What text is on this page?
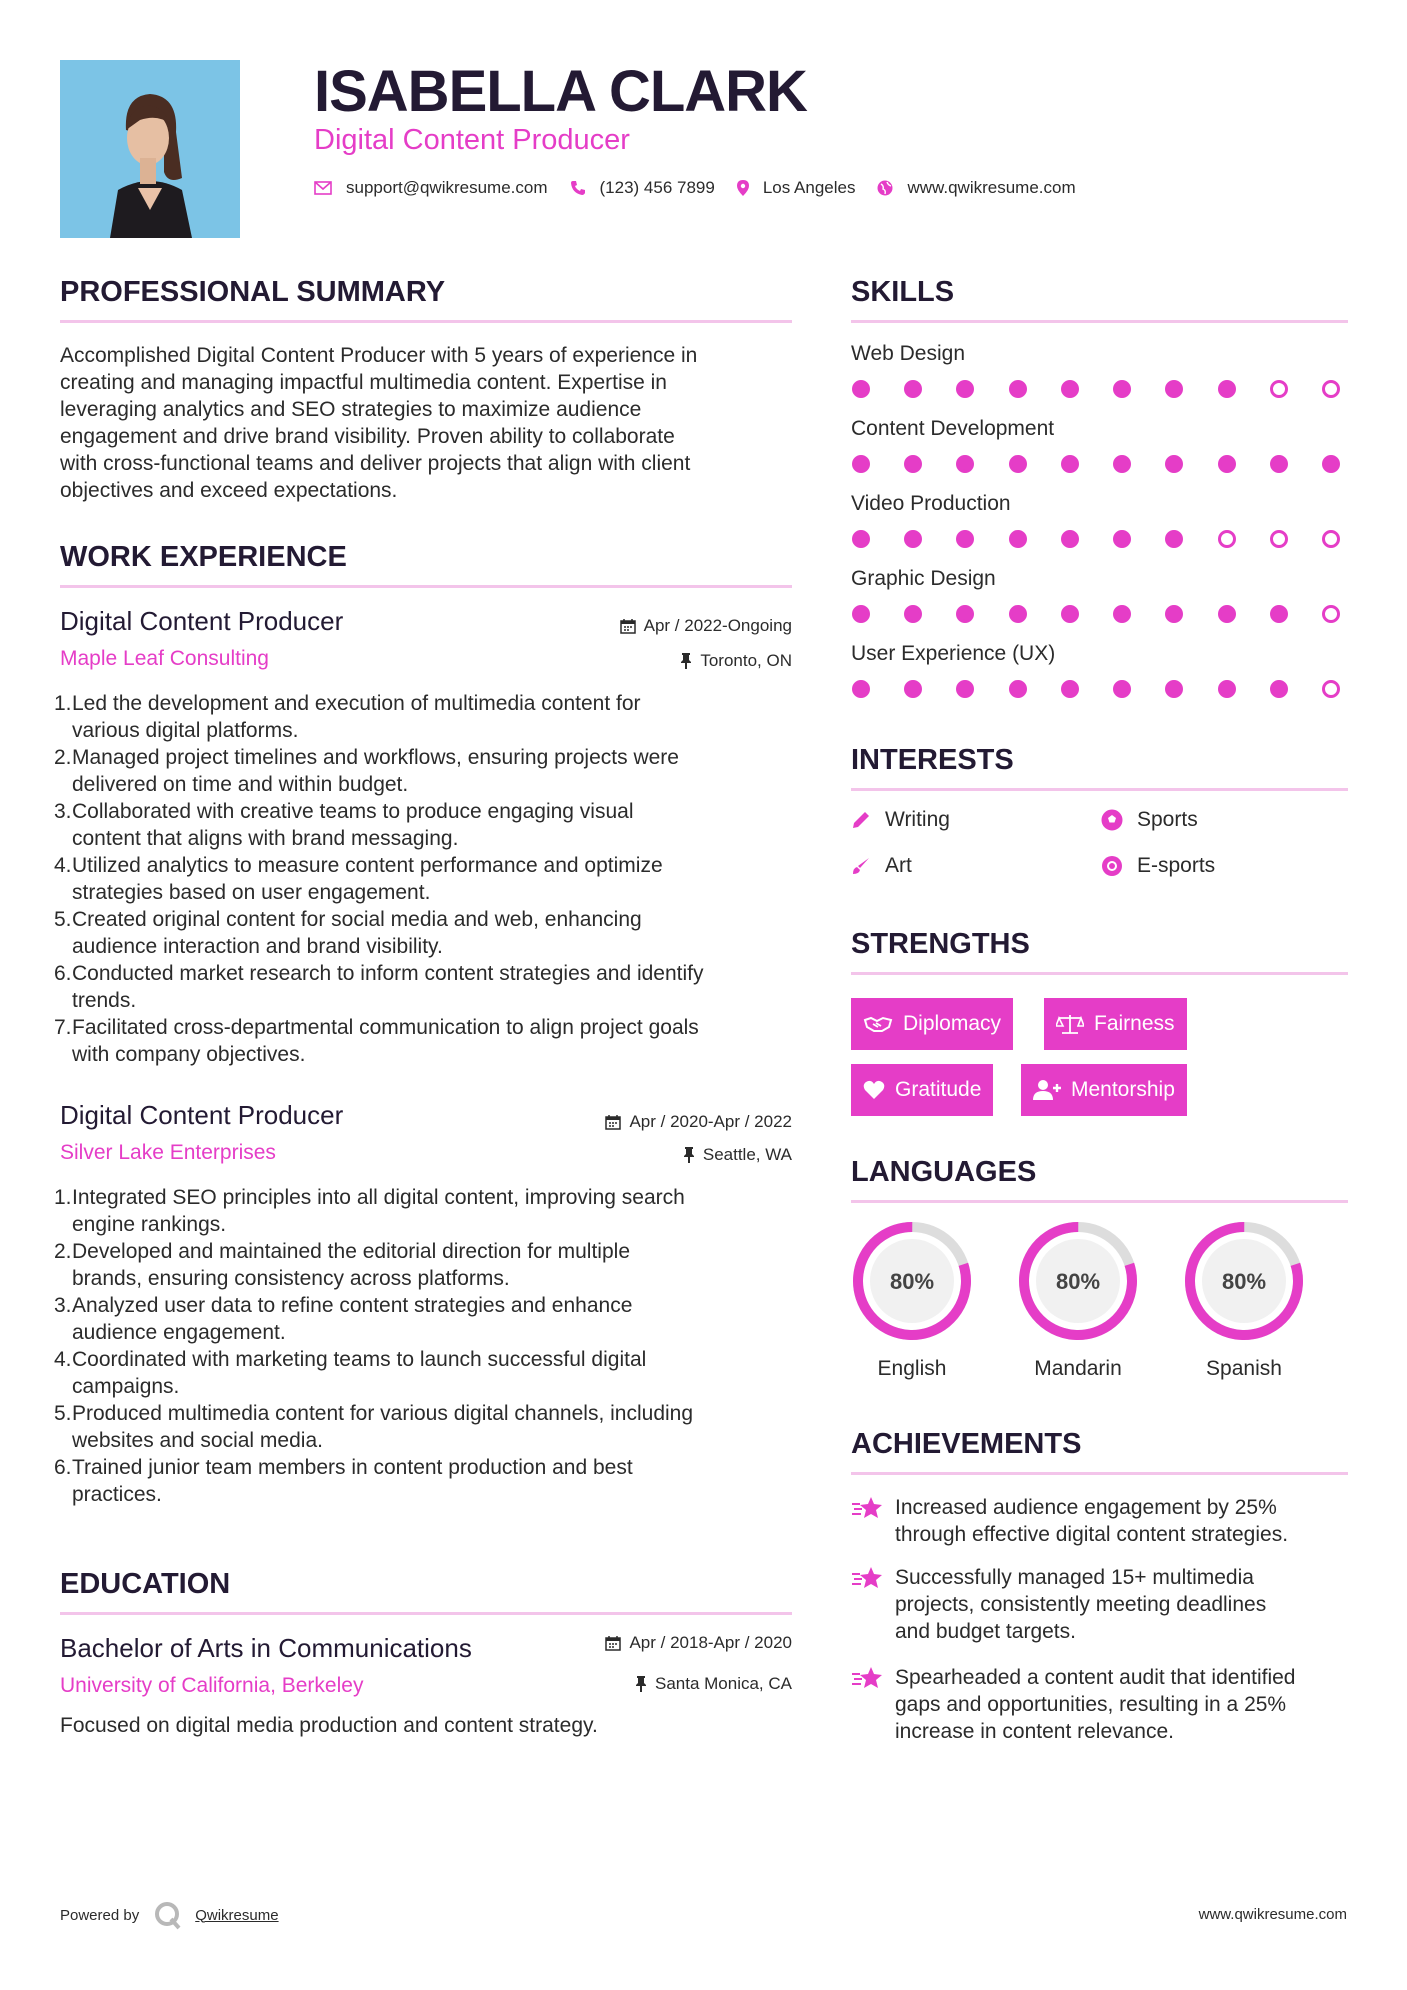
ISABELLA CLARK
Digital Content Producer
support@qwikresume.com	(123) 456 7899	Los Angeles	www.qwikresume.com
PROFESSIONAL SUMMARY
Accomplished Digital Content Producer with 5 years of experience in
creating and managing impactful multimedia content. Expertise in
leveraging analytics and SEO strategies to maximize audience
engagement and drive brand visibility. Proven ability to collaborate
with cross-functional teams and deliver projects that align with client
objectives and exceed expectations.
WORK EXPERIENCE
Digital Content Producer	Apr / 2022-Ongoing
Maple Leaf Consulting	Toronto, ON
1. Led the development and execution of multimedia content for
various digital platforms.
2. Managed project timelines and workflows, ensuring projects were
delivered on time and within budget.
3. Collaborated with creative teams to produce engaging visual
content that aligns with brand messaging.
4. Utilized analytics to measure content performance and optimize
strategies based on user engagement.
5. Created original content for social media and web, enhancing
audience interaction and brand visibility.
6. Conducted market research to inform content strategies and identify
trends.
7. Facilitated cross-departmental communication to align project goals
with company objectives.
Digital Content Producer	Apr / 2020-Apr / 2022
Silver Lake Enterprises	Seattle, WA
1. Integrated SEO principles into all digital content, improving search
engine rankings.
2. Developed and maintained the editorial direction for multiple
brands, ensuring consistency across platforms.
3. Analyzed user data to refine content strategies and enhance
audience engagement.
4. Coordinated with marketing teams to launch successful digital
campaigns.
5. Produced multimedia content for various digital channels, including
websites and social media.
6. Trained junior team members in content production and best
practices.
EDUCATION
Bachelor of Arts in Communications	Apr / 2018-Apr / 2020
University of California, Berkeley	Santa Monica, CA
Focused on digital media production and content strategy.
SKILLS
Web Design
Content Development
Video Production
Graphic Design
User Experience (UX)
INTERESTS
Writing	Sports
Art	E-sports
STRENGTHS
Diplomacy	Fairness
Gratitude	Mentorship
LANGUAGES
80%
English
80%
Mandarin
80%
Spanish
ACHIEVEMENTS
Increased audience engagement by 25%
through effective digital content strategies.
Successfully managed 15+ multimedia
projects, consistently meeting deadlines
and budget targets.
Spearheaded a content audit that identified
gaps and opportunities, resulting in a 25%
increase in content relevance.
Powered by	Qwikresume	www.qwikresume.com
